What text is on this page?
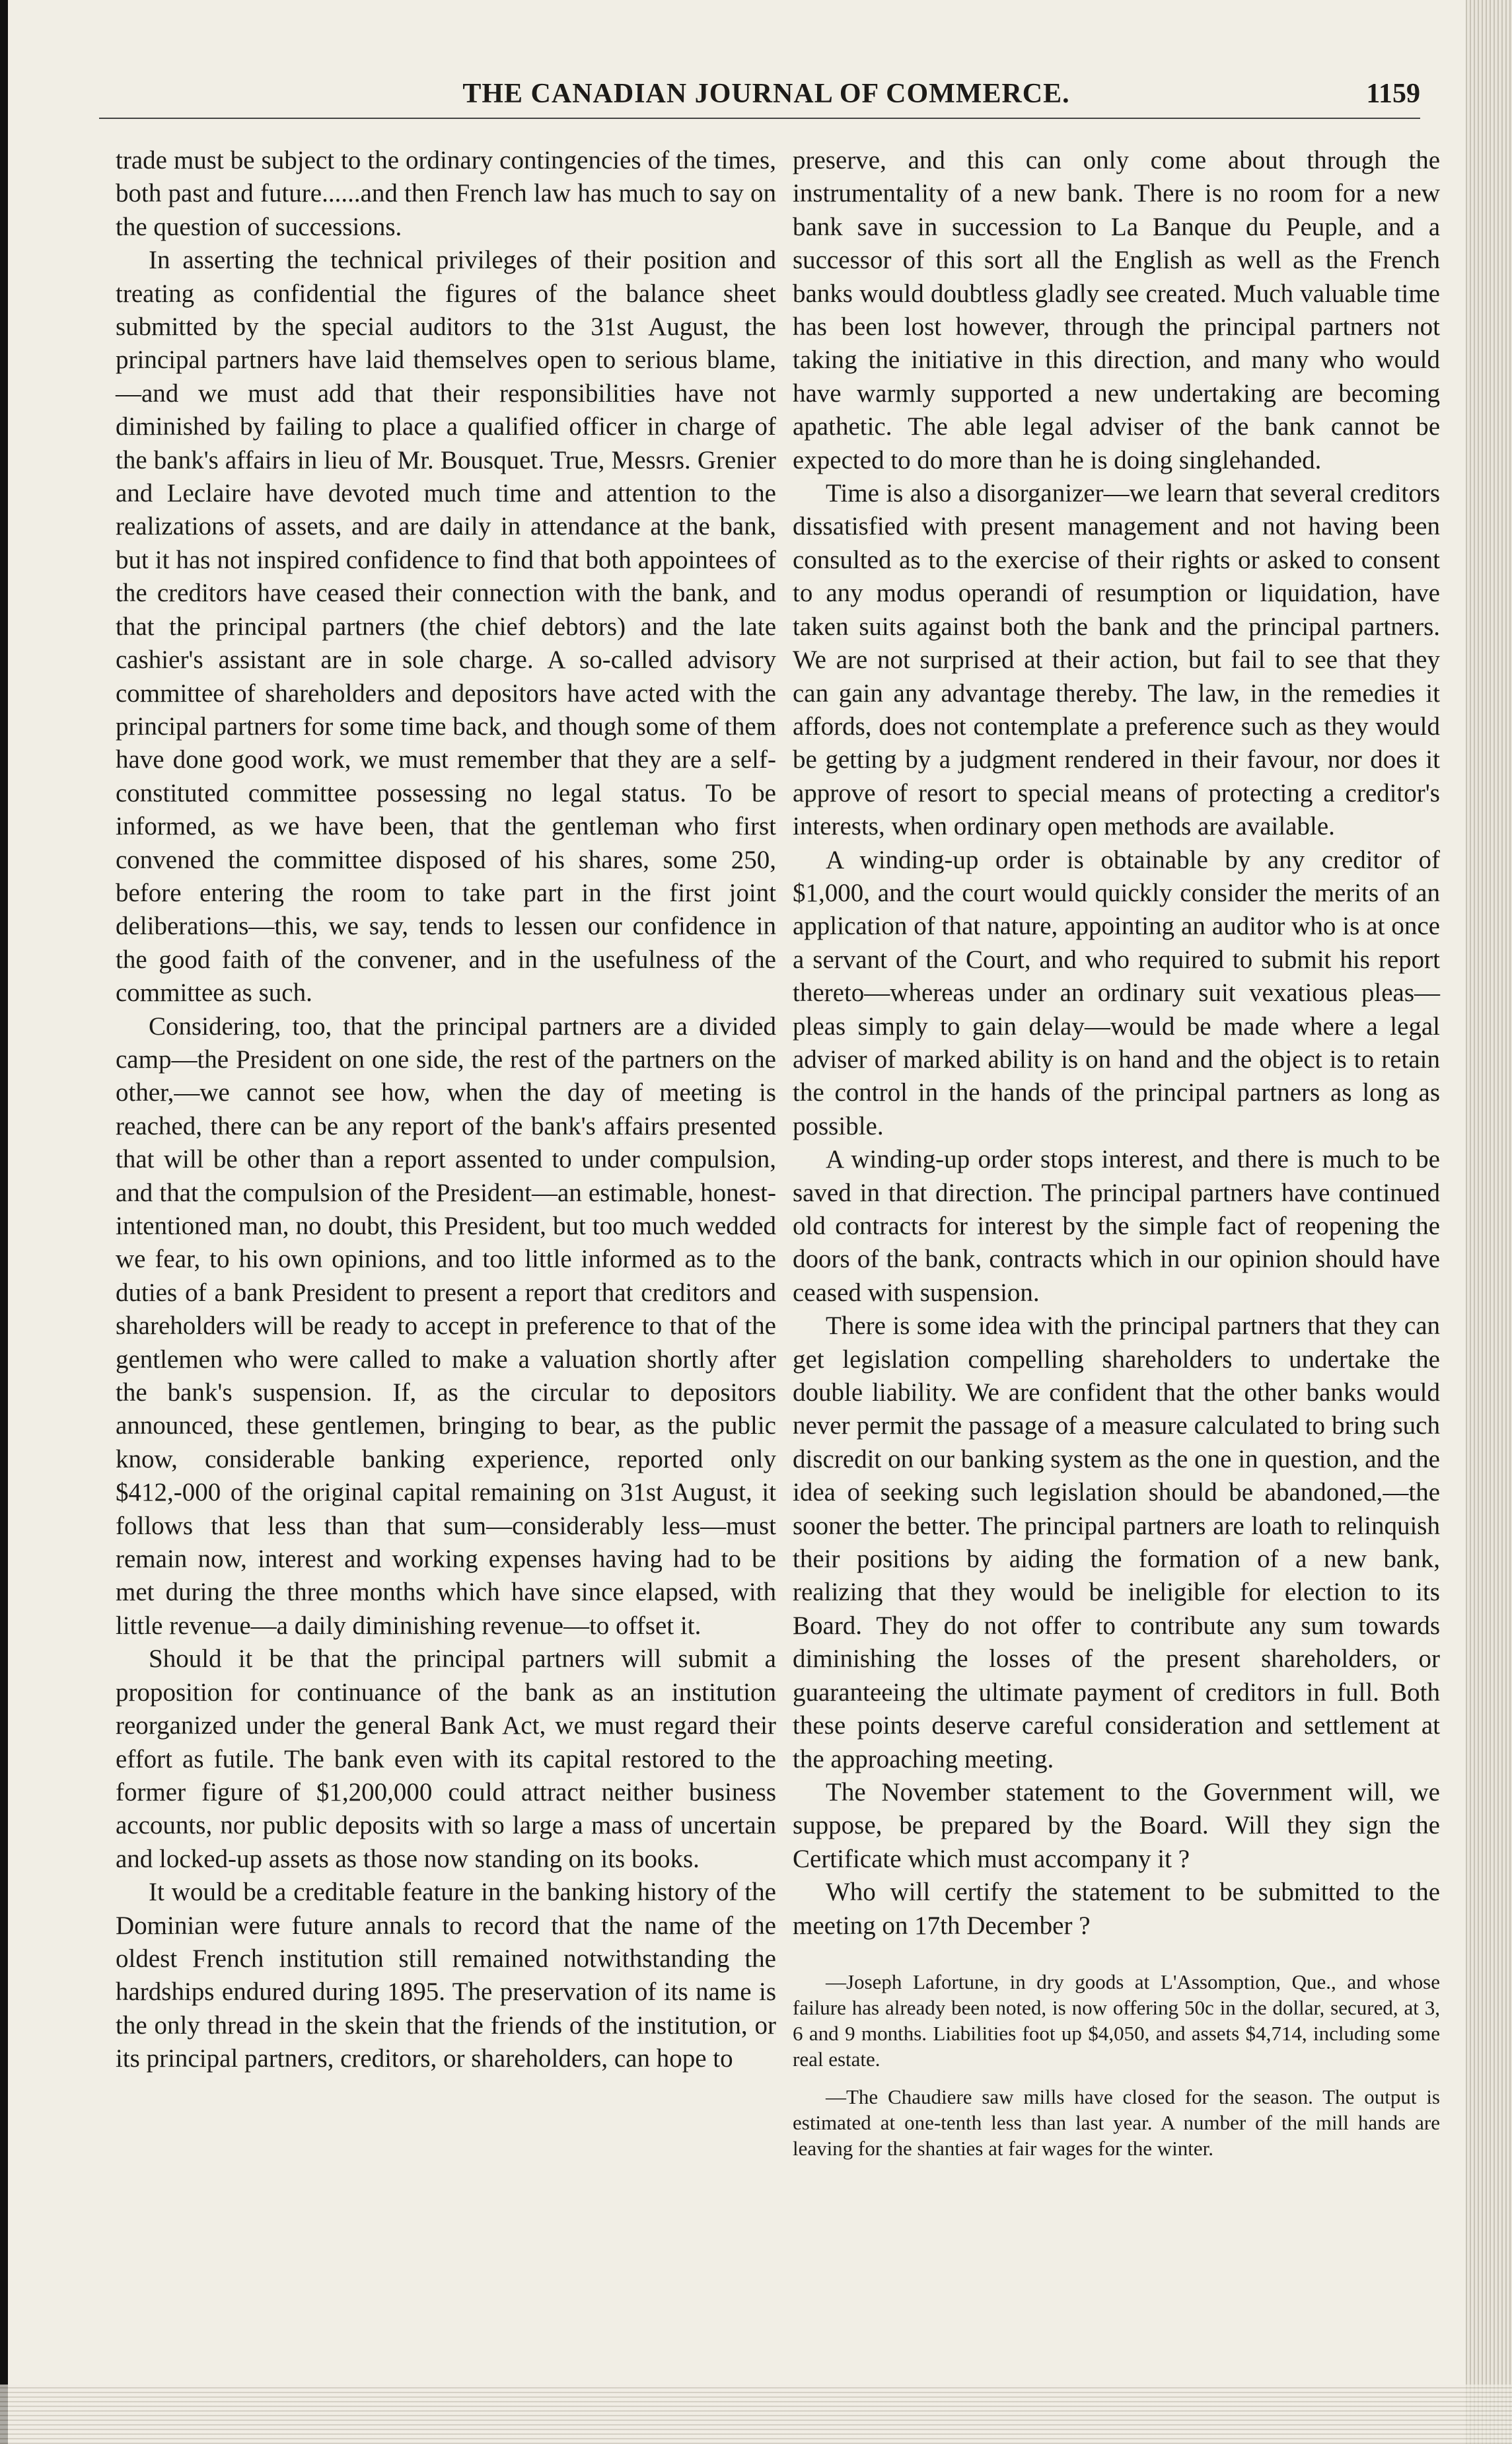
THE CANADIAN JOURNAL OF COMMERCE.	1159

trade must be subject to the ordinary contingencies of the times, both past and future......and then French law has much to say on the question of successions.

In asserting the technical privileges of their position and treating as confidential the figures of the balance sheet submitted by the special auditors to the 31st August, the principal partners have laid themselves open to serious blame,—and we must add that their responsibilities have not diminished by failing to place a qualified officer in charge of the bank's affairs in lieu of Mr. Bousquet. True, Messrs. Grenier and Leclaire have devoted much time and attention to the realizations of assets, and are daily in attendance at the bank, but it has not inspired confidence to find that both appointees of the creditors have ceased their connection with the bank, and that the principal partners (the chief debtors) and the late cashier's assistant are in sole charge. A so-called advisory committee of shareholders and depositors have acted with the principal partners for some time back, and though some of them have done good work, we must remember that they are a self-constituted committee possessing no legal status. To be informed, as we have been, that the gentleman who first convened the committee disposed of his shares, some 250, before entering the room to take part in the first joint deliberations—this, we say, tends to lessen our confidence in the good faith of the convener, and in the usefulness of the committee as such.

Considering, too, that the principal partners are a divided camp—the President on one side, the rest of the partners on the other,—we cannot see how, when the day of meeting is reached, there can be any report of the bank's affairs presented that will be other than a report assented to under compulsion, and that the compulsion of the President—an estimable, honest-intentioned man, no doubt, this President, but too much wedded we fear, to his own opinions, and too little informed as to the duties of a bank President to present a report that creditors and shareholders will be ready to accept in preference to that of the gentlemen who were called to make a valuation shortly after the bank's suspension. If, as the circular to depositors announced, these gentlemen, bringing to bear, as the public know, considerable banking experience, reported only $412,-000 of the original capital remaining on 31st August, it follows that less than that sum—considerably less—must remain now, interest and working expenses having had to be met during the three months which have since elapsed, with little revenue—a daily diminishing revenue—to offset it.

Should it be that the principal partners will submit a proposition for continuance of the bank as an institution reorganized under the general Bank Act, we must regard their effort as futile. The bank even with its capital restored to the former figure of $1,200,000 could attract neither business accounts, nor public deposits with so large a mass of uncertain and locked-up assets as those now standing on its books.

It would be a creditable feature in the banking history of the Dominian were future annals to record that the name of the oldest French institution still remained notwithstanding the hardships endured during 1895. The preservation of its name is the only thread in the skein that the friends of the institution, or its principal partners, creditors, or shareholders, can hope to

preserve, and this can only come about through the instrumentality of a new bank. There is no room for a new bank save in succession to La Banque du Peuple, and a successor of this sort all the English as well as the French banks would doubtless gladly see created. Much valuable time has been lost however, through the principal partners not taking the initiative in this direction, and many who would have warmly supported a new undertaking are becoming apathetic. The able legal adviser of the bank cannot be expected to do more than he is doing singlehanded.

Time is also a disorganizer—we learn that several creditors dissatisfied with present management and not having been consulted as to the exercise of their rights or asked to consent to any modus operandi of resumption or liquidation, have taken suits against both the bank and the principal partners. We are not surprised at their action, but fail to see that they can gain any advantage thereby. The law, in the remedies it affords, does not contemplate a preference such as they would be getting by a judgment rendered in their favour, nor does it approve of resort to special means of protecting a creditor's interests, when ordinary open methods are available.

A winding-up order is obtainable by any creditor of $1,000, and the court would quickly consider the merits of an application of that nature, appointing an auditor who is at once a servant of the Court, and who required to submit his report thereto—whereas under an ordinary suit vexatious pleas—pleas simply to gain delay—would be made where a legal adviser of marked ability is on hand and the object is to retain the control in the hands of the principal partners as long as possible.

A winding-up order stops interest, and there is much to be saved in that direction. The principal partners have continued old contracts for interest by the simple fact of reopening the doors of the bank, contracts which in our opinion should have ceased with suspension.

There is some idea with the principal partners that they can get legislation compelling shareholders to undertake the double liability. We are confident that the other banks would never permit the passage of a measure calculated to bring such discredit on our banking system as the one in question, and the idea of seeking such legislation should be abandoned,—the sooner the better. The principal partners are loath to relinquish their positions by aiding the formation of a new bank, realizing that they would be ineligible for election to its Board. They do not offer to contribute any sum towards diminishing the losses of the present shareholders, or guaranteeing the ultimate payment of creditors in full. Both these points deserve careful consideration and settlement at the approaching meeting.

The November statement to the Government will, we suppose, be prepared by the Board. Will they sign the Certificate which must accompany it ?

Who will certify the statement to be submitted to the meeting on 17th December ?

—Joseph Lafortune, in dry goods at L'Assomption, Que., and whose failure has already been noted, is now offering 50c in the dollar, secured, at 3, 6 and 9 months. Liabilities foot up $4,050, and assets $4,714, including some real estate.

—The Chaudiere saw mills have closed for the season. The output is estimated at one-tenth less than last year. A number of the mill hands are leaving for the shanties at fair wages for the winter.
